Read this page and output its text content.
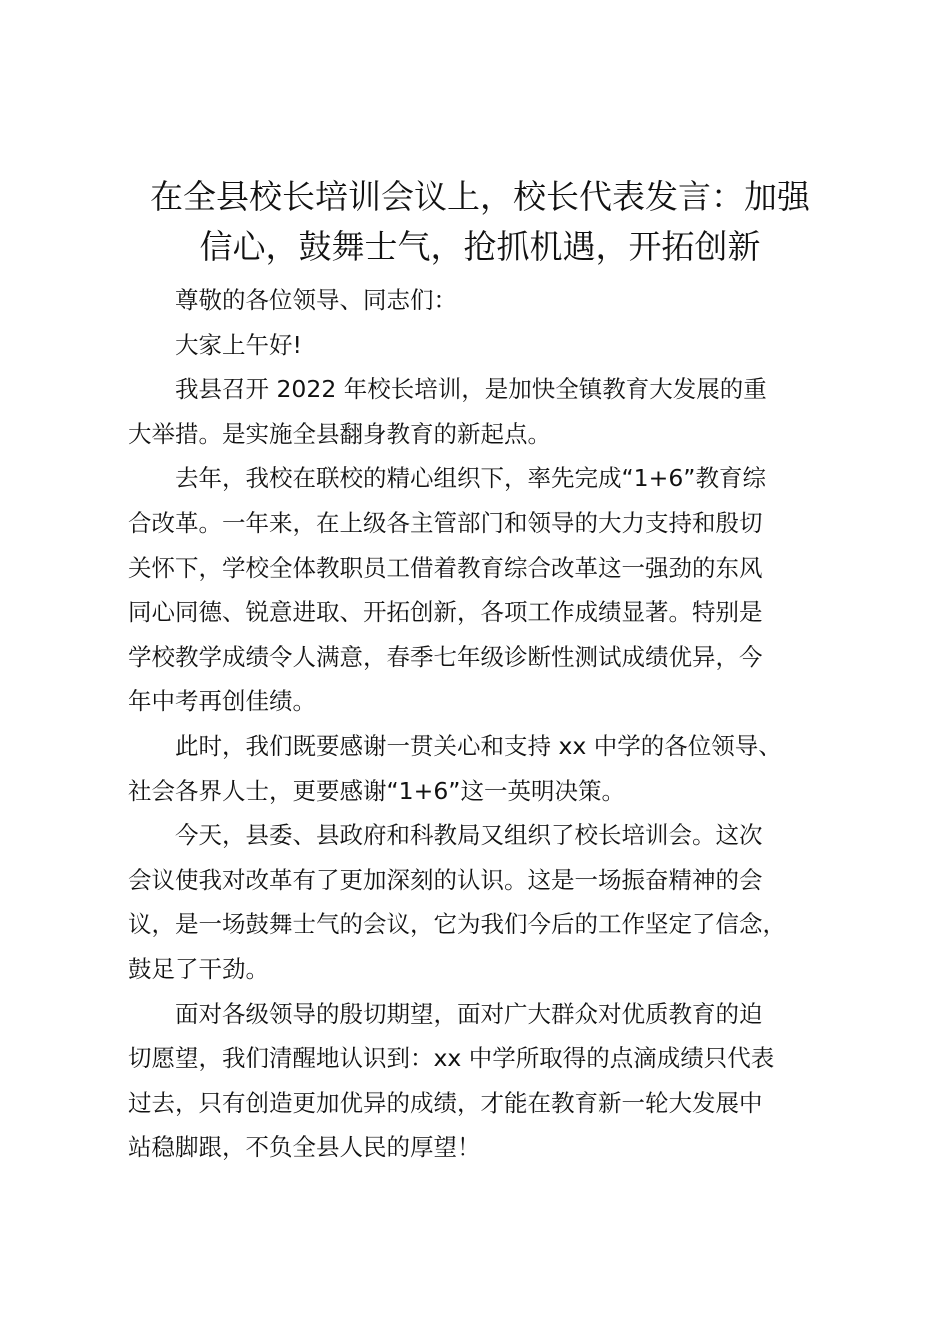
在全县校长培训会议上，校长代表发言：加强
信心，鼓舞士气，抢抓机遇，开拓创新

尊敬的各位领导、同志们：

大家上午好!

我县召开 2022 年校长培训，是加快全镇教育大发展的重
大举措。是实施全县翻身教育的新起点。

去年，我校在联校的精心组织下，率先完成“1+6”教育综
合改革。一年来，在上级各主管部门和领导的大力支持和殷切
关怀下，学校全体教职员工借着教育综合改革这一强劲的东风
同心同德、锐意进取、开拓创新，各项工作成绩显著。特别是
学校教学成绩令人满意，春季七年级诊断性测试成绩优异，今
年中考再创佳绩。

此时，我们既要感谢一贯关心和支持 xx 中学的各位领导、
社会各界人士，更要感谢“1+6”这一英明决策。

今天，县委、县政府和科教局又组织了校长培训会。这次
会议使我对改革有了更加深刻的认识。这是一场振奋精神的会
议，是一场鼓舞士气的会议，它为我们今后的工作坚定了信念，
鼓足了干劲。

面对各级领导的殷切期望，面对广大群众对优质教育的迫
切愿望，我们清醒地认识到：xx 中学所取得的点滴成绩只代表
过去，只有创造更加优异的成绩，才能在教育新一轮大发展中
站稳脚跟，不负全县人民的厚望！
